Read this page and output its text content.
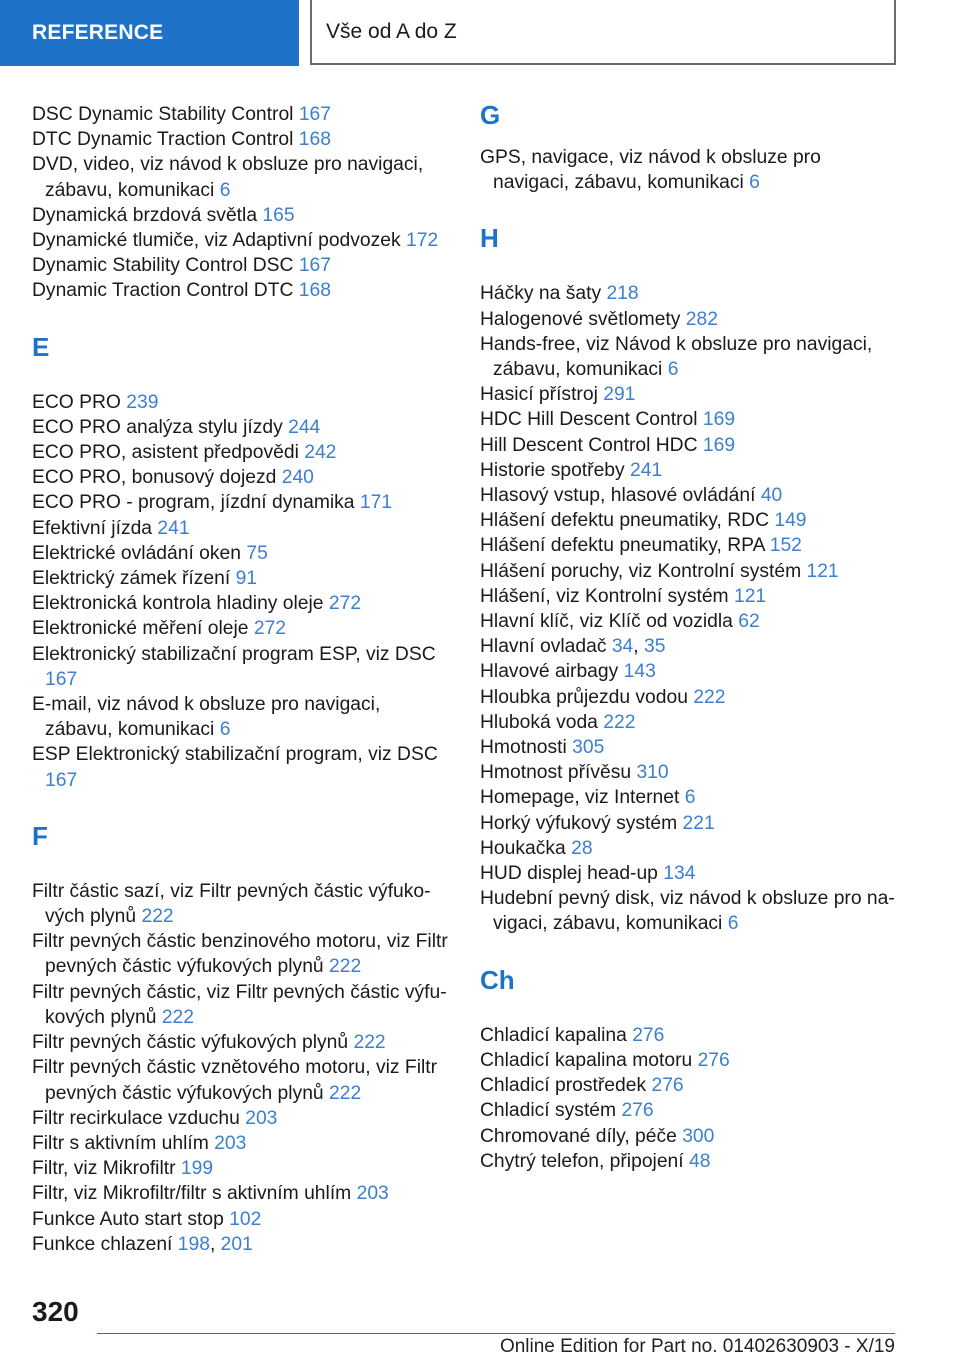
REFERENCE	Vše od A do Z
DSC Dynamic Stability Control 167
DTC Dynamic Traction Control 168
DVD, video, viz návod k obsluze pro navigaci, zábavu, komunikaci 6
Dynamická brzdová světla 165
Dynamické tlumiče, viz Adaptivní podvozek 172
Dynamic Stability Control DSC 167
Dynamic Traction Control DTC 168
E
ECO PRO 239
ECO PRO analýza stylu jízdy 244
ECO PRO, asistent předpovědi 242
ECO PRO, bonusový dojezd 240
ECO PRO - program, jízdní dynamika 171
Efektivní jízda 241
Elektrické ovládání oken 75
Elektrický zámek řízení 91
Elektronická kontrola hladiny oleje 272
Elektronické měření oleje 272
Elektronický stabilizační program ESP, viz DSC 167
E-mail, viz návod k obsluze pro navigaci, zábavu, komunikaci 6
ESP Elektronický stabilizační program, viz DSC 167
F
Filtr částic sazí, viz Filtr pevných částic výfukových plynů 222
Filtr pevných částic benzinového motoru, viz Filtr pevných částic výfukových plynů 222
Filtr pevných částic, viz Filtr pevných částic výfukových plynů 222
Filtr pevných částic výfukových plynů 222
Filtr pevných částic vznětového motoru, viz Filtr pevných částic výfukových plynů 222
Filtr recirkulace vzduchu 203
Filtr s aktivním uhlím 203
Filtr, viz Mikrofiltr 199
Filtr, viz Mikrofiltr/filtr s aktivním uhlím 203
Funkce Auto start stop 102
Funkce chlazení 198, 201
G
GPS, navigace, viz návod k obsluze pro navigaci, zábavu, komunikaci 6
H
Háčky na šaty 218
Halogenové světlomety 282
Hands-free, viz Návod k obsluze pro navigaci, zábavu, komunikaci 6
Hasicí přístroj 291
HDC Hill Descent Control 169
Hill Descent Control HDC 169
Historie spotřeby 241
Hlasový vstup, hlasové ovládání 40
Hlášení defektu pneumatiky, RDC 149
Hlášení defektu pneumatiky, RPA 152
Hlášení poruchy, viz Kontrolní systém 121
Hlášení, viz Kontrolní systém 121
Hlavní klíč, viz Klíč od vozidla 62
Hlavní ovladač 34, 35
Hlavové airbagy 143
Hloubka průjezdu vodou 222
Hluboká voda 222
Hmotnosti 305
Hmotnost přívěsu 310
Homepage, viz Internet 6
Horký výfukový systém 221
Houkačka 28
HUD displej head-up 134
Hudební pevný disk, viz návod k obsluze pro navigaci, zábavu, komunikaci 6
Ch
Chladicí kapalina 276
Chladicí kapalina motoru 276
Chladicí prostředek 276
Chladicí systém 276
Chromované díly, péče 300
Chytrý telefon, připojení 48
320
Online Edition for Part no. 01402630903 - X/19
